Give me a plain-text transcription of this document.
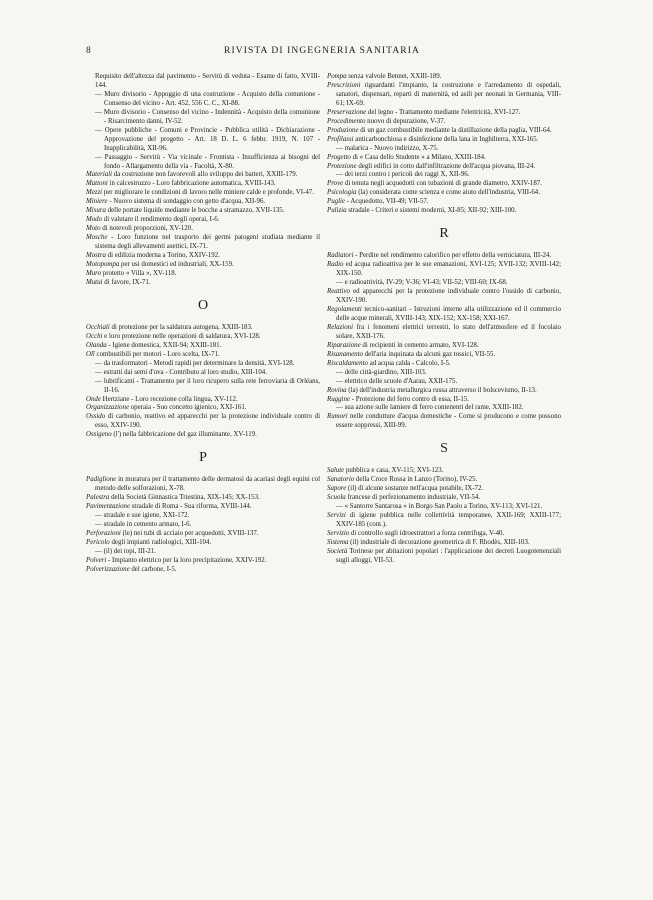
8	RIVISTA DI INGEGNERIA SANITARIA

Requisito dell'altezza dal pavimento - Servitù di veduta - Esame di fatto, XVIII-144.

— Muro divisorio - Appoggio di una costruzione - Acquisto della comunione - Consenso del vicino - Art. 452, 556 C. C., XI-88.

— Muro divisorio - Consenso del vicino - Indennità - Acquisto della comunione - Risarcimento danni, IV-52.

— Opere pubbliche - Comuni e Provincie - Pubblica utilità - Dichiarazione - Approvazione del progetto - Art. 18 D. L. 6 febbr. 1919, N. 107 - Inapplicabilità, XII-96.

— Passaggio - Servitù - Via vicinale - Frontista - Insufficienza ai bisogni del fondo - Allargamento della via - Facoltà, X-80.

Materiali da costruzione non favorevoli allo sviluppo dei batteri, XXIII-179.

Mattoni in calcestruzzo - Loro fabbricazione automatica, XVIII-143.

Mezzi per migliorare le condizioni di lavoro nelle miniere calde e profonde, VI-47.

Miniere - Nuovo sistema di sondaggio con getto d'acqua, XII-96.

Misura delle portate liquide mediante le bocche a stramazzo, XVII-135.

Modo di valutare il rendimento degli operai, I-6.

Moto di notevoli proporzioni, XV-120.

Mosche - Loro funzione nel trasporto dei germi patogeni studiata mediante il sistema degli allevamenti asettici, IX-71.

Mostra di edilizia moderna a Torino, XXIV-192.

Motopompa per usi domestici ed industriali, XX-159.

Muro protetto « Villa », XV-118.

Mutui di favore, IX-71.

O

Occhiali di protezione per la saldatura autogena, XXIII-183.

Occhi e loro protezione nelle operazioni di saldatura, XVI-128.

Olanda - Igiene domestica, XXII-94; XXIII-181.

Olî combustibili per motori - Loro scelta, IX-71.

— da trasformatori - Metodi rapidi per determinare la densità, XVI-128.

— estratti dai semi d'uva - Contributo al loro studio, XIII-104.

— lubrificanti - Trattamento per il loro ricupero sulla rete ferroviaria di Orléans, II-16.

Onde Hertziane - Loro recezione colla lingua, XV-112.

Organizzazione operaia - Suo concetto igienico, XXI-161.

Ossido di carbonio, reattivo ed apparecchi per la protezione individuale contro di esso, XXIV-190.

Ossigeno (l') nella fabbricazione del gaz illuminante, XV-119.

P

Padiglione in muratura per il trattamento delle dermatosi da acariasi degli equini col metodo delle solforazioni, X-78.

Palestra della Società Ginnastica Triestina, XIX-145; XX-153.

Pavimentazione stradale di Roma - Sua riforma, XVIII-144.

— stradale e sue igiene, XXI-172.

— stradale in cemento armato, I-6.

Perforazioni (le) nei tubi di acciaio per acquedotti, XVIII-137.

Pericolo degli impianti radiologici, XIII-104.

— (il) dei topi, III-21.

Polveri - Impianto elettrico per la loro precipitazione, XXIV-192.

Polverizzazione del carbone, I-5.

Pompa senza valvole Bennet, XXIII-189.

Prescrizioni riguardanti l'impianto, la costruzione e l'arredamento di ospedali, sanatori, dispensari, reparti di maternità, ed asili per neonati in Germania, VIII-61; IX-69.

Preservazione del legno - Trattamento mediante l'elettricità, XVI-127.

Procedimento nuovo di depurazione, V-37.

Produzione di un gaz combustibile mediante la distillazione della paglia, VIII-64.

Profilassi anticarbonchiosa e disinfezione della lana in Inghilterra, XXI-165.

— malarica - Nuovo indirizzo, X-75.

Progetto di « Casa dello Studente » a Milano, XXIII-184.

Protezione degli edifici in cotto dall'infiltrazione dell'acqua piovana, III-24.

— dei terzi contro i pericoli dei raggi X, XII-96.

Prove di tenuta negli acquedotti con tubazioni di grande diametro, XXIV-187.

Psicologia (la) considerata come scienza e come aiuto dell'industria, VIII-64.

Puglie - Acquedotto, VII-49; VII-57.

Pulizia stradale - Criteri e sistemi moderni, XI-85; XII-92; XIII-100.

R

Radiatori - Perdite nel rendimento calorifico per effetto della verniciatura, III-24.

Radio ed acqua radioattiva per le sue emanazioni, XVI-125; XVII-132; XVIII-142; XIX-150.

— e radioattività, IV-29; V-36; VI-43; VII-52; VIII-60; IX-68.

Reattivo ed apparecchi per la protezione individuale contro l'ossido di carbonio, XXIV-190.

Regolamenti tecnico-sanitari - Istruzioni interne alla utilizzazione ed il commercio delle acque minerali, XVIII-143; XIX-152; XX-158; XXI-167.

Relazioni fra i fenomeni elettrici terrestri, lo stato dell'atmosfere ed il focolaio solare, XXII-176.

Riparazione di recipienti in cemento armato, XVI-128.

Risanamento dell'aria inquinata da alcuni gaz tossici, VII-55.

Riscaldamento ad acqua calda - Calcolo, I-5.

— delle città-giardino, XIII-103.

— elettrico delle scuole d'Aarau, XXII-175.

Rovina (la) dell'industria metallurgica russa attraverso il bolscevismo, II-13.

Ruggine - Protezione del ferro contro di essa, II-15.

— sua azione sulle lamiere di ferro contenenti del rame, XXIII-182.

Rumori nelle condutture d'acqua domestiche - Come si producono e come possono essere soppressi, XIII-99.

S

Salute pubblica e casa, XV-115; XVI-123.

Sanatorio della Croce Rossa in Lanzo (Torino), IV-25.

Sapore (il) di alcune sostanze nell'acqua potabile, IX-72.

Scuola francese di perfezionamento industriale, VII-54.

— « Santorre Santarosa » in Borgo San Paolo a Torino, XV-113; XVI-121.

Servizi di igiene pubblica nelle collettività temporanee, XXII-169; XXIII-177; XXIV-185 (cont.).

Servizio di controllo sugli idroestrattori a forza centrifuga, V-40.

Sistema (il) industriale di decorazione geometrica di F. Rhodès, XIII-103.

Società Torinese per abitazioni popolari : l'applicazione dei decreti Luogotenenziali sugli alloggi, VII-53.
